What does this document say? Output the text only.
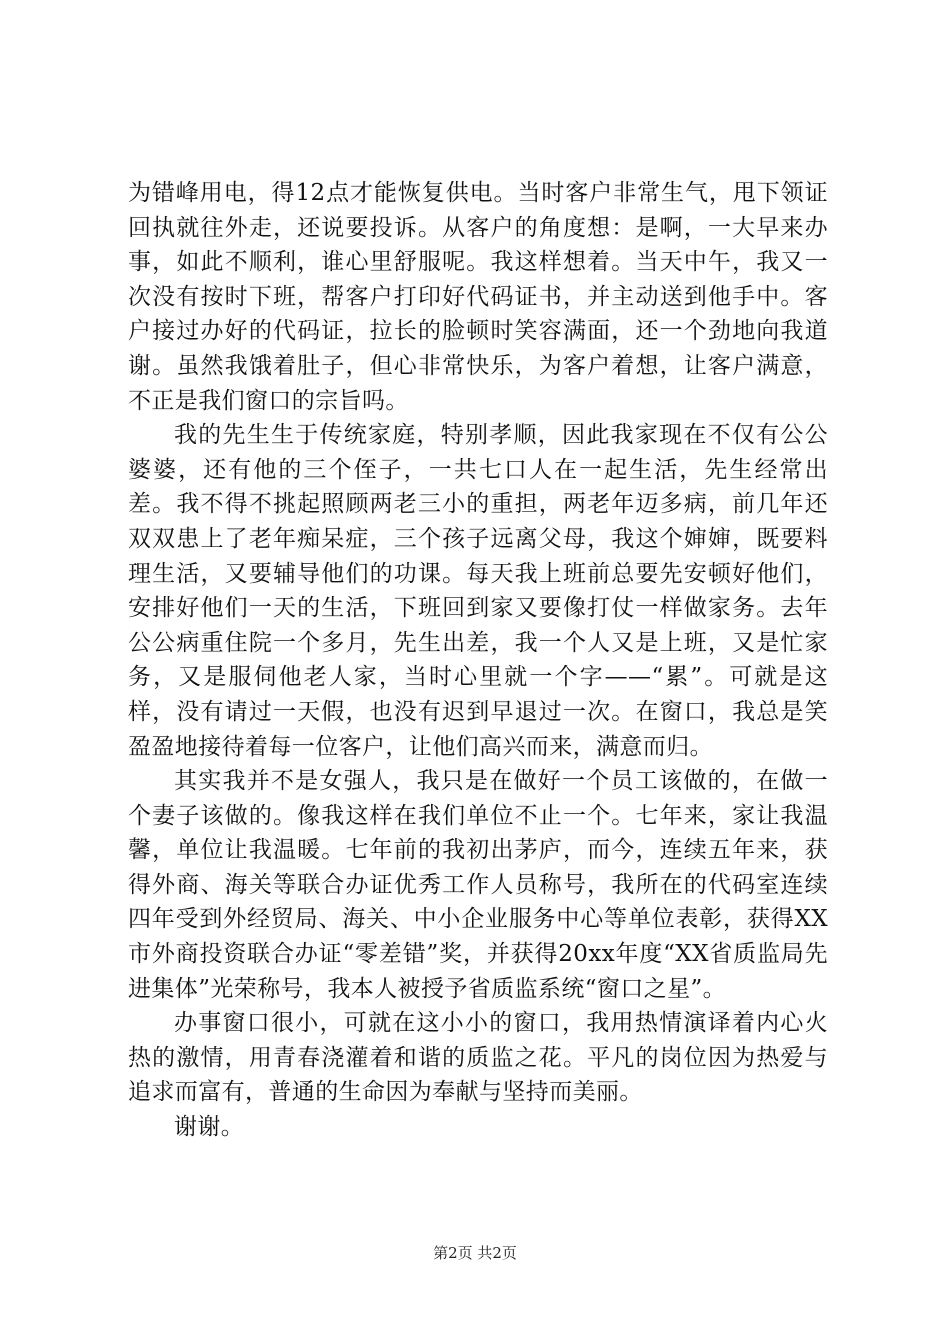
为错峰用电，得12点才能恢复供电。当时客户非常生气，甩下领证回执就往外走，还说要投诉。从客户的角度想：是啊，一大早来办事，如此不顺利，谁心里舒服呢。我这样想着。当天中午，我又一次没有按时下班，帮客户打印好代码证书，并主动送到他手中。客户接过办好的代码证，拉长的脸顿时笑容满面，还一个劲地向我道谢。虽然我饿着肚子，但心非常快乐，为客户着想，让客户满意，不正是我们窗口的宗旨吗。

我的先生生于传统家庭，特别孝顺，因此我家现在不仅有公公婆婆，还有他的三个侄子，一共七口人在一起生活，先生经常出差。我不得不挑起照顾两老三小的重担，两老年迈多病，前几年还双双患上了老年痴呆症，三个孩子远离父母，我这个婶婶，既要料理生活，又要辅导他们的功课。每天我上班前总要先安顿好他们，安排好他们一天的生活，下班回到家又要像打仗一样做家务。去年公公病重住院一个多月，先生出差，我一个人又是上班，又是忙家务，又是服伺他老人家，当时心里就一个字——“累”。可就是这样，没有请过一天假，也没有迟到早退过一次。在窗口，我总是笑盈盈地接待着每一位客户，让他们高兴而来，满意而归。

其实我并不是女强人，我只是在做好一个员工该做的，在做一个妻子该做的。像我这样在我们单位不止一个。七年来，家让我温馨，单位让我温暖。七年前的我初出茅庐，而今，连续五年来，获得外商、海关等联合办证优秀工作人员称号，我所在的代码室连续四年受到外经贸局、海关、中小企业服务中心等单位表彰，获得XX市外商投资联合办证“零差错”奖，并获得20xx年度“XX省质监局先进集体”光荣称号，我本人被授予省质监系统“窗口之星”。

办事窗口很小，可就在这小小的窗口，我用热情演译着内心火热的激情，用青春浇灌着和谐的质监之花。平凡的岗位因为热爱与追求而富有，普通的生命因为奉献与坚持而美丽。

谢谢。

第2页 共2页
